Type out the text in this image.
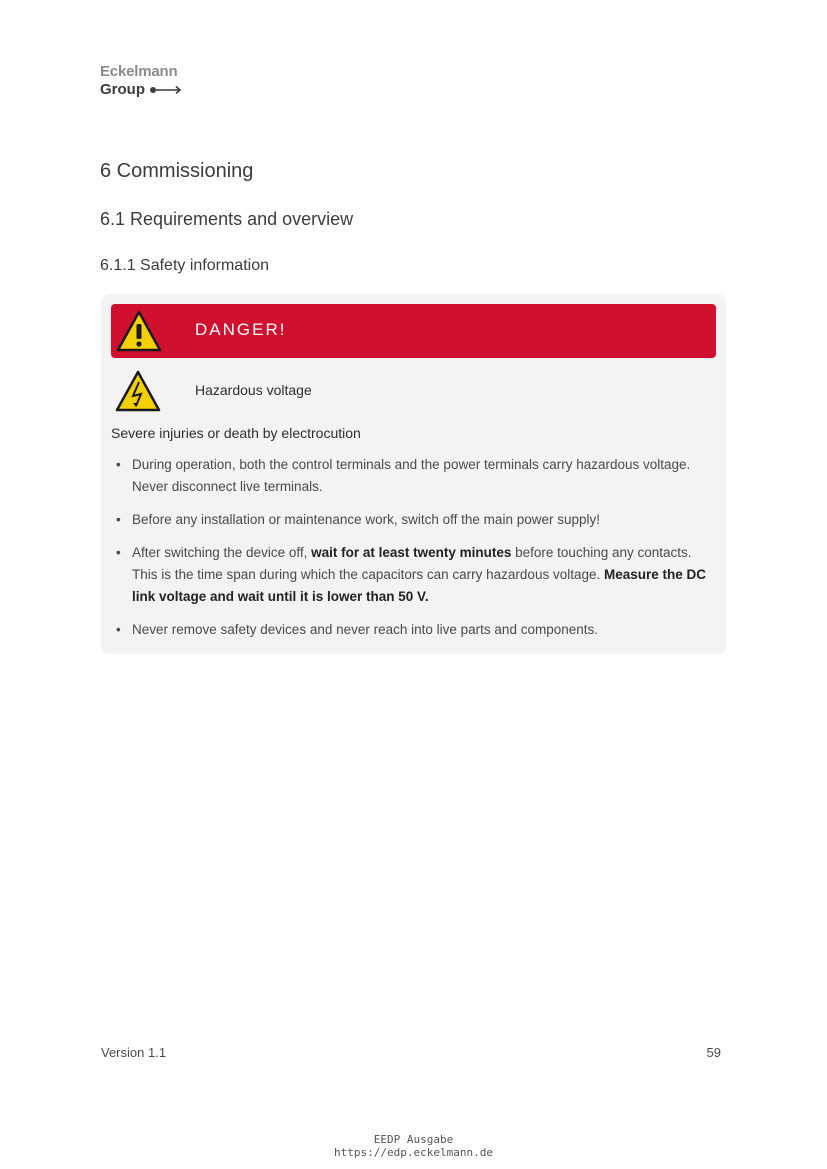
Eckelmann
Group
6 Commissioning
6.1 Requirements and overview
6.1.1 Safety information
DANGER!
Hazardous voltage
Severe injuries or death by electrocution
• During operation, both the control terminals and the power terminals carry hazardous voltage. Never disconnect live terminals.
• Before any installation or maintenance work, switch off the main power supply!
• After switching the device off, wait for at least twenty minutes before touching any contacts. This is the time span during which the capacitors can carry hazardous voltage. Measure the DC link voltage and wait until it is lower than 50 V.
• Never remove safety devices and never reach into live parts and components.
Version 1.1	59
EEDP Ausgabe
https://edp.eckelmann.de
